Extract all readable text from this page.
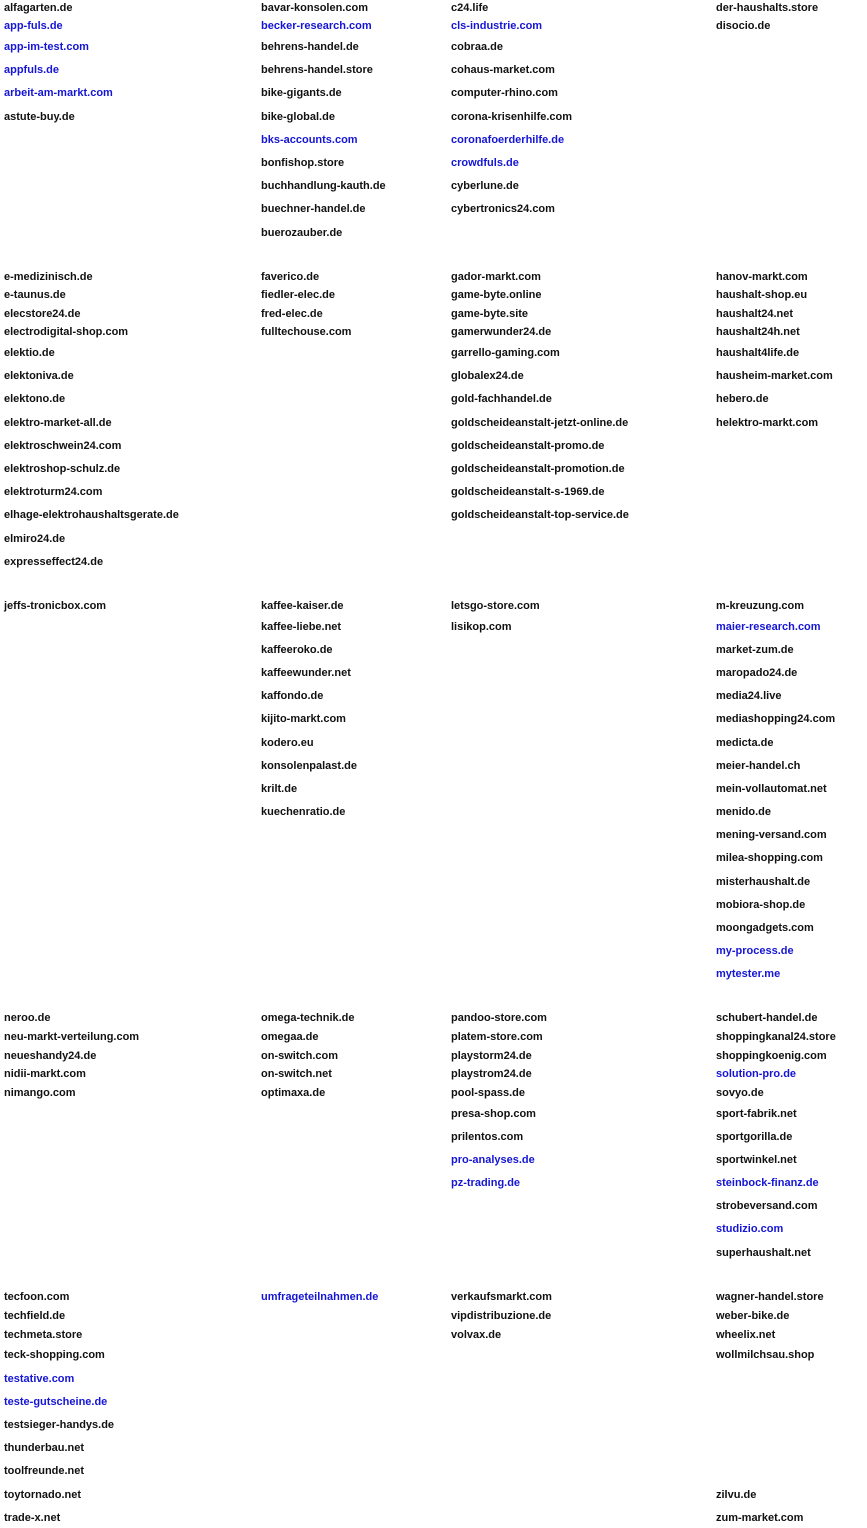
alfagarten.de
app-fuls.de
app-im-test.com
appfuls.de
arbeit-am-markt.com
astute-buy.de
bavar-konsolen.com
becker-research.com
behrens-handel.de
behrens-handel.store
bike-gigants.de
bike-global.de
bks-accounts.com
bonfishop.store
buchhandlung-kauth.de
buechner-handel.de
buerozauber.de
c24.life
cls-industrie.com
cobraa.de
cohaus-market.com
computer-rhino.com
corona-krisenhilfe.com
coronafoerderhilfe.de
crowdfuls.de
cyberlune.de
cybertronics24.com
der-haushalts.store
disocio.de
e-medizinisch.de
e-taunus.de
elecstore24.de
electrodigital-shop.com
elektio.de
elektoniva.de
elektono.de
elektro-market-all.de
elektroschwein24.com
elektroshop-schulz.de
elektroturm24.com
elhage-elektrohaushaltsgerate.de
elmiro24.de
expresseffect24.de
faverico.de
fiedler-elec.de
fred-elec.de
fulltechouse.com
gador-markt.com
game-byte.online
game-byte.site
gamerwunder24.de
garrello-gaming.com
globalex24.de
gold-fachhandel.de
goldscheideanstalt-jetzt-online.de
goldscheideanstalt-promo.de
goldscheideanstalt-promotion.de
goldscheideanstalt-s-1969.de
goldscheideanstalt-top-service.de
hanov-markt.com
haushalt-shop.eu
haushalt24.net
haushalt24h.net
haushalt4life.de
hausheim-market.com
hebero.de
helektro-markt.com
jeffs-tronicbox.com	kaffee-kaiser.de
kaffee-liebe.net
kaffeeroko.de
kaffeewunder.net
kaffondo.de
kijito-markt.com
kodero.eu
konsolenpalast.de
krilt.de
kuechenratio.de
letsgo-store.com
lisikop.com
m-kreuzung.com
maier-research.com
market-zum.de
maropado24.de
media24.live
mediashopping24.com
medicta.de
meier-handel.ch
mein-vollautomat.net
menido.de
mening-versand.com
milea-shopping.com
misterhaushalt.de
mobiora-shop.de
moongadgets.com
my-process.de
mytester.me
neroo.de
neu-markt-verteilung.com
neueshandy24.de
nidii-markt.com
nimango.com
omega-technik.de
omegaa.de
on-switch.com
on-switch.net
optimaxa.de
pandoo-store.com
platem-store.com
playstorm24.de
playstrom24.de
pool-spass.de
presa-shop.com
prilentos.com
pro-analyses.de
pz-trading.de
schubert-handel.de
shoppingkanal24.store
shoppingkoenig.com
solution-pro.de
sovyo.de
sport-fabrik.net
sportgorilla.de
sportwinkel.net
steinbock-finanz.de
strobeversand.com
studizio.com
superhaushalt.net
tecfoon.com
techfield.de
techmeta.store
teck-shopping.com
testative.com
teste-gutscheine.de
testsieger-handys.de
thunderbau.net
toolfreunde.net
toytornado.net
trade-x.net
umfrageteilnahmen.de	verkaufsmarkt.com
vipdistribuzione.de
volvax.de
wagner-handel.store
weber-bike.de
wheelix.net
wollmilchsau.shop
zilvu.de
zum-market.com
